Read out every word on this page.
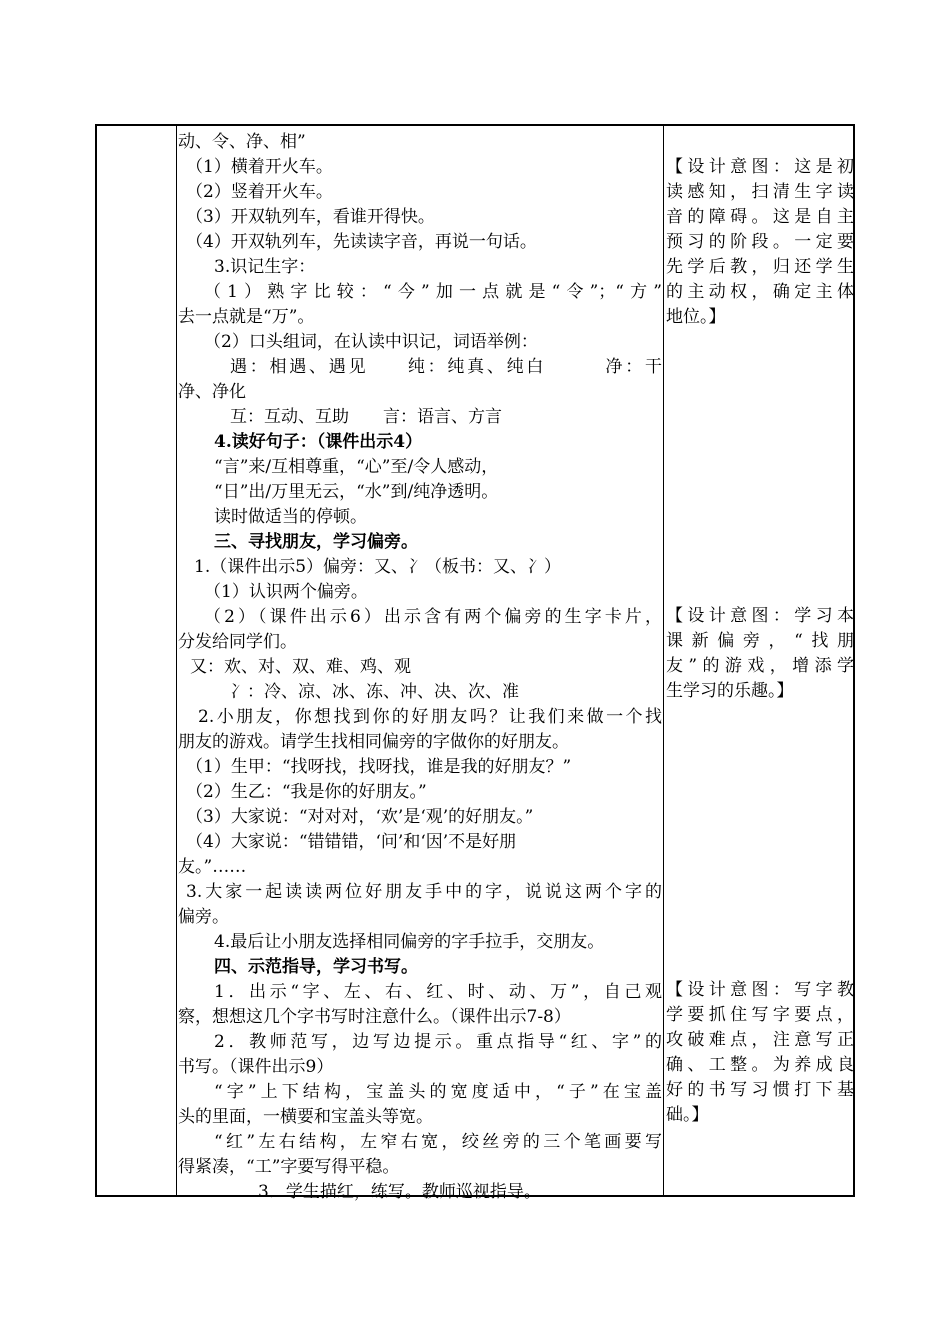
动、令、净、相”
（1）横着开火车。
（2）竖着开火车。
（3）开双轨列车，看谁开得快。
（4）开双轨列车，先读读字音，再说一句话。
3.识记生字：
（1）熟字比较：“今”加一点就是“令”；“方”
去一点就是“万”。
（2）口头组词，在认读中识记，词语举例：
遇：相遇、遇见　　纯：纯真、纯白　　　净：干
净、净化
互：互动、互助　　言：语言、方言
4.读好句子：（课件出示4）
“言”来/互相尊重，“心”至/令人感动，
“日”出/万里无云，“水”到/纯净透明。
读时做适当的停顿。
三、寻找朋友，学习偏旁。
1.（课件出示5）偏旁：又、冫（板书：又、冫）
（1）认识两个偏旁。
（2）（课件出示6）出示含有两个偏旁的生字卡片，
分发给同学们。
又：欢、对、双、难、鸡、观
冫：冷、凉、冰、冻、冲、决、次、准
2.小朋友，你想找到你的好朋友吗？让我们来做一个找
朋友的游戏。请学生找相同偏旁的字做你的好朋友。
（1）生甲：“找呀找，找呀找，谁是我的好朋友？”
（2）生乙：“我是你的好朋友。”
（3）大家说：“对对对，‘欢’是‘观’的好朋友。”
（4）大家说：“错错错，‘问’和‘因’不是好朋
友。”……
3.大家一起读读两位好朋友手中的字，说说这两个字的
偏旁。
4.最后让小朋友选择相同偏旁的字手拉手，交朋友。
四、示范指导，学习书写。
1．出示“字、左、右、红、时、动、万”，自己观
察，想想这几个字书写时注意什么。（课件出示7-8）
2．教师范写，边写边提示。重点指导“红、字”的
书写。（课件出示9）
“字”上下结构，宝盖头的宽度适中，“子”在宝盖
头的里面，一横要和宝盖头等宽。
“红”左右结构，左窄右宽，绞丝旁的三个笔画要写
得紧凑，“工”字要写得平稳。
3．学生描红，练写。教师巡视指导。
【设计意图：这是初
读感知，扫清生字读
音的障碍。这是自主
预习的阶段。一定要
先学后教，归还学生
的主动权，确定主体
地位。】
【设计意图：学习本
课新偏旁，“找朋
友”的游戏，增添学
生学习的乐趣。】
【设计意图：写字教
学要抓住写字要点，
攻破难点，注意写正
确、工整。为养成良
好的书写习惯打下基
础。】
